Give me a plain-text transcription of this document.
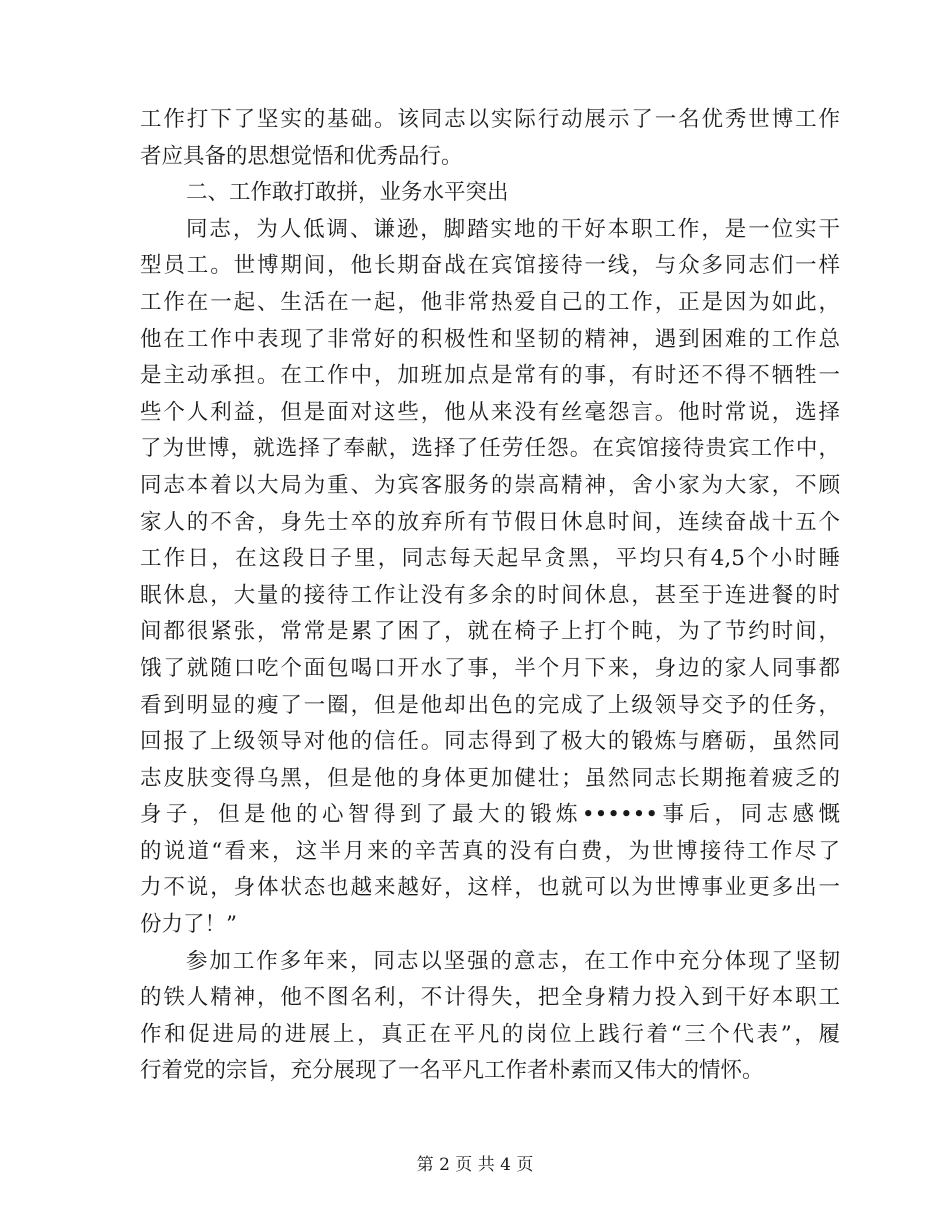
工作打下了坚实的基础。该同志以实际行动展示了一名优秀世博工作
者应具备的思想觉悟和优秀品行。
二、工作敢打敢拼，业务水平突出
同志，为人低调、谦逊，脚踏实地的干好本职工作，是一位实干
型员工。世博期间，他长期奋战在宾馆接待一线，与众多同志们一样
工作在一起、生活在一起，他非常热爱自己的工作，正是因为如此，
他在工作中表现了非常好的积极性和坚韧的精神，遇到困难的工作总
是主动承担。在工作中，加班加点是常有的事，有时还不得不牺牲一
些个人利益，但是面对这些，他从来没有丝毫怨言。他时常说，选择
了为世博，就选择了奉献，选择了任劳任怨。在宾馆接待贵宾工作中，
同志本着以大局为重、为宾客服务的崇高精神，舍小家为大家，不顾
家人的不舍，身先士卒的放弃所有节假日休息时间，连续奋战十五个
工作日，在这段日子里，同志每天起早贪黑，平均只有4,5个小时睡
眠休息，大量的接待工作让没有多余的时间休息，甚至于连进餐的时
间都很紧张，常常是累了困了，就在椅子上打个盹，为了节约时间，
饿了就随口吃个面包喝口开水了事，半个月下来，身边的家人同事都
看到明显的瘦了一圈，但是他却出色的完成了上级领导交予的任务，
回报了上级领导对他的信任。同志得到了极大的锻炼与磨砺，虽然同
志皮肤变得乌黑，但是他的身体更加健壮；虽然同志长期拖着疲乏的
身子，但是他的心智得到了最大的锻炼••••••事后，同志感慨
的说道“看来，这半月来的辛苦真的没有白费，为世博接待工作尽了
力不说，身体状态也越来越好，这样，也就可以为世博事业更多出一
份力了！”
参加工作多年来，同志以坚强的意志，在工作中充分体现了坚韧
的铁人精神，他不图名利，不计得失，把全身精力投入到干好本职工
作和促进局的进展上，真正在平凡的岗位上践行着“三个代表”，履
行着党的宗旨，充分展现了一名平凡工作者朴素而又伟大的情怀。
第 2 页 共 4 页
